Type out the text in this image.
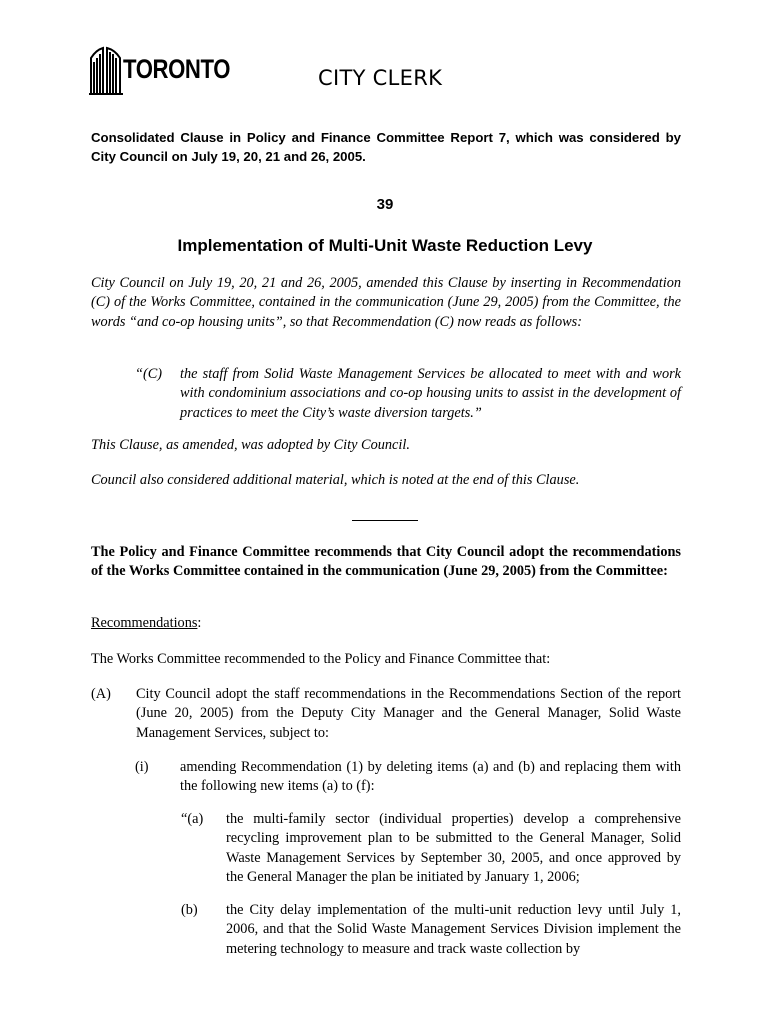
TORONTO	CITY CLERK
Consolidated Clause in Policy and Finance Committee Report 7, which was considered by City Council on July 19, 20, 21 and 26, 2005.
39
Implementation of Multi-Unit Waste Reduction Levy
City Council on July 19, 20, 21 and 26, 2005, amended this Clause by inserting in Recommendation (C) of the Works Committee, contained in the communication (June 29, 2005) from the Committee, the words “and co-op housing units”, so that Recommendation (C) now reads as follows:
“(C) the staff from Solid Waste Management Services be allocated to meet with and work with condominium associations and co-op housing units to assist in the development of practices to meet the City’s waste diversion targets.”
This Clause, as amended, was adopted by City Council.
Council also considered additional material, which is noted at the end of this Clause.
The Policy and Finance Committee recommends that City Council adopt the recommendations of the Works Committee contained in the communication (June 29, 2005) from the Committee:
Recommendations:
The Works Committee recommended to the Policy and Finance Committee that:
(A) City Council adopt the staff recommendations in the Recommendations Section of the report (June 20, 2005) from the Deputy City Manager and the General Manager, Solid Waste Management Services, subject to:
(i) amending Recommendation (1) by deleting items (a) and (b) and replacing them with the following new items (a) to (f):
“(a) the multi-family sector (individual properties) develop a comprehensive recycling improvement plan to be submitted to the General Manager, Solid Waste Management Services by September 30, 2005, and once approved by the General Manager the plan be initiated by January 1, 2006;
(b) the City delay implementation of the multi-unit reduction levy until July 1, 2006, and that the Solid Waste Management Services Division implement the metering technology to measure and track waste collection by
